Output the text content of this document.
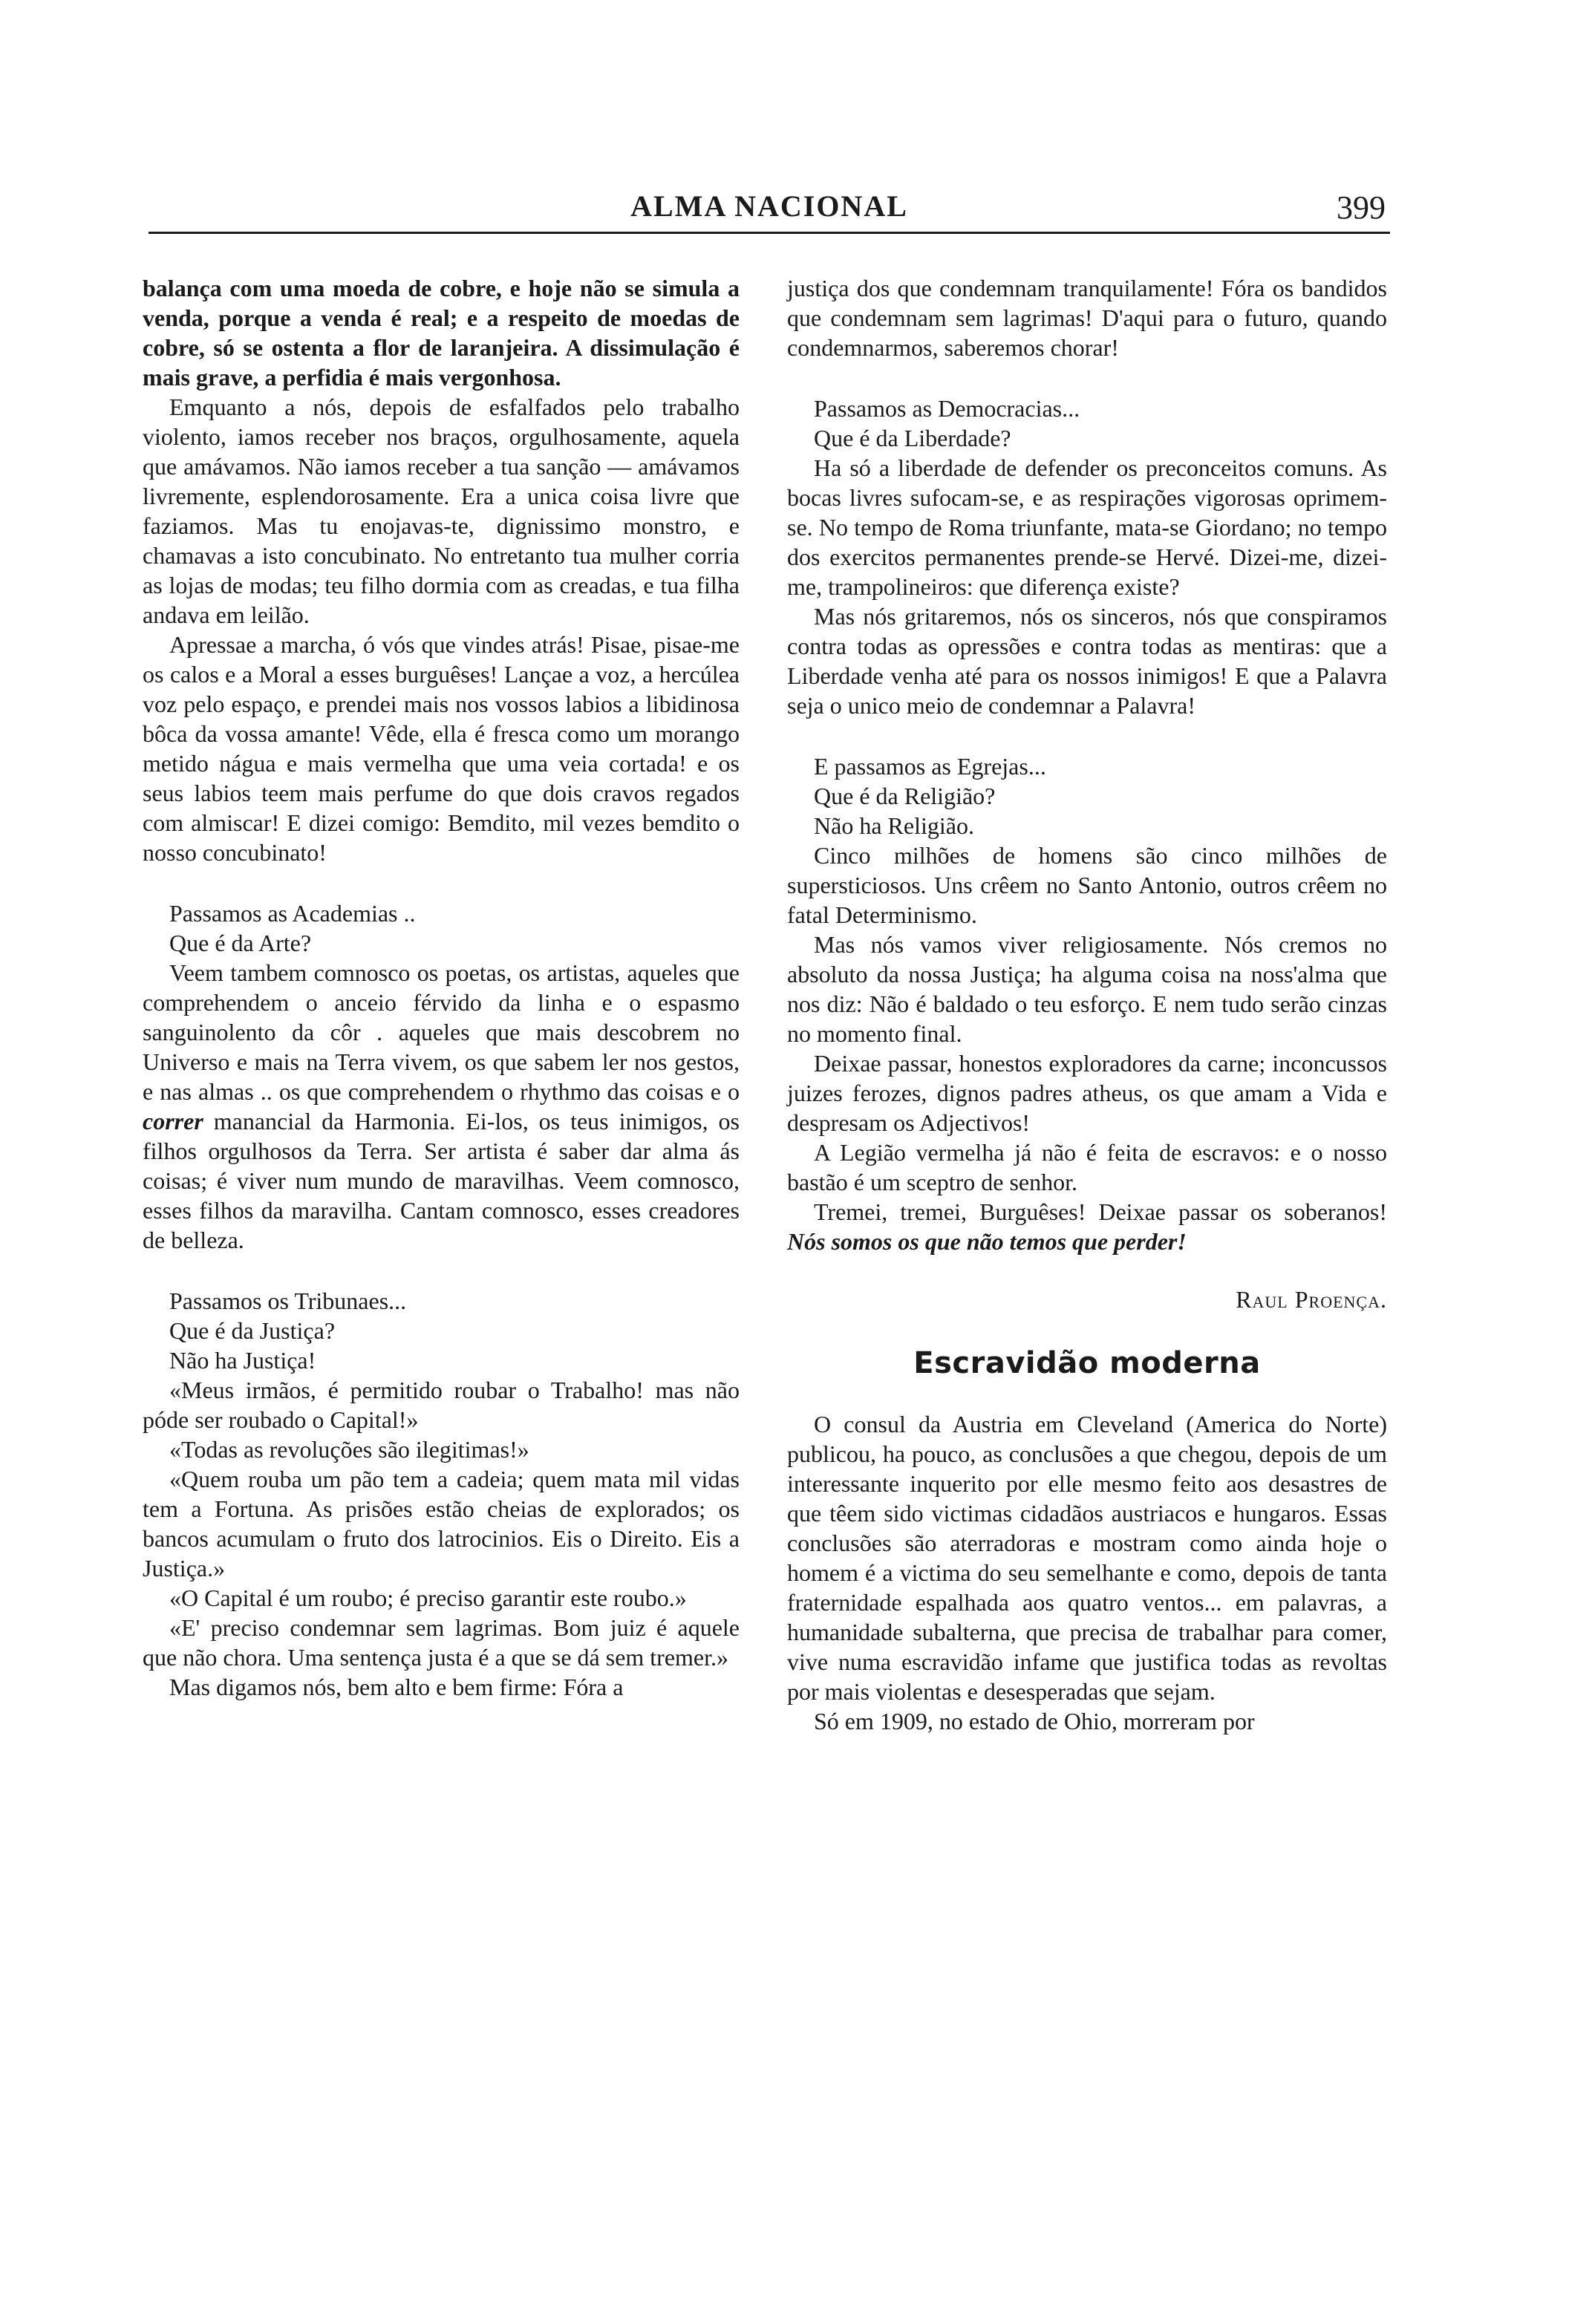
ALMA NACIONAL	399

balança com uma moeda de cobre, e hoje não se simula a venda, porque a venda é real; e a respeito de moedas de cobre, só se ostenta a flor de laranjeira. A dissimulação é mais grave, a perfidia é mais vergonhosa.

Emquanto a nós, depois de esfalfados pelo trabalho violento, iamos receber nos braços, orgulhosamente, aquela que amávamos. Não iamos receber a tua sanção — amávamos livremente, esplendorosamente. Era a unica coisa livre que faziamos. Mas tu enojavas-te, dignissimo monstro, e chamavas a isto concubinato. No entretanto tua mulher corria as lojas de modas; teu filho dormia com as creadas, e tua filha andava em leilão.

Apressae a marcha, ó vós que vindes atrás! Pisae, pisae-me os calos e a Moral a esses burguêses! Lançae a voz, a hercúlea voz pelo espaço, e prendei mais nos vossos labios a libidinosa bôca da vossa amante! Vêde, ella é fresca como um morango metido nágua e mais vermelha que uma veia cortada! e os seus labios teem mais perfume do que dois cravos regados com almiscar! E dizei comigo: Bemdito, mil vezes bemdito o nosso concubinato!

Passamos as Academias ..

Que é da Arte?

Veem tambem comnosco os poetas, os artistas, aqueles que comprehendem o anceio férvido da linha e o espasmo sanguinolento da côr . aqueles que mais descobrem no Universo e mais na Terra vivem, os que sabem ler nos gestos, e nas almas .. os que comprehendem o rhythmo das coisas e o correr manancial da Harmonia. Ei-los, os teus inimigos, os filhos orgulhosos da Terra. Ser artista é saber dar alma ás coisas; é viver num mundo de maravilhas. Veem comnosco, esses filhos da maravilha. Cantam comnosco, esses creadores de belleza.

Passamos os Tribunaes...

Que é da Justiça?

Não ha Justiça!

«Meus irmãos, é permitido roubar o Trabalho! mas não póde ser roubado o Capital!»

«Todas as revoluções são ilegitimas!»

«Quem rouba um pão tem a cadeia; quem mata mil vidas tem a Fortuna. As prisões estão cheias de explorados; os bancos acumulam o fruto dos latrocinios. Eis o Direito. Eis a Justiça.»

«O Capital é um roubo; é preciso garantir este roubo.»

«E' preciso condemnar sem lagrimas. Bom juiz é aquele que não chora. Uma sentença justa é a que se dá sem tremer.»

Mas digamos nós, bem alto e bem firme: Fóra a

justiça dos que condemnam tranquilamente! Fóra os bandidos que condemnam sem lagrimas! D'aqui para o futuro, quando condemnarmos, saberemos chorar!

Passamos as Democracias...

Que é da Liberdade?

Ha só a liberdade de defender os preconceitos comuns. As bocas livres sufocam-se, e as respirações vigorosas oprimem-se. No tempo de Roma triunfante, mata-se Giordano; no tempo dos exercitos permanentes prende-se Hervé. Dizei-me, dizei-me, trampolineiros: que diferença existe?

Mas nós gritaremos, nós os sinceros, nós que conspiramos contra todas as opressões e contra todas as mentiras: que a Liberdade venha até para os nossos inimigos! E que a Palavra seja o unico meio de condemnar a Palavra!

E passamos as Egrejas...

Que é da Religião?

Não ha Religião.

Cinco milhões de homens são cinco milhões de supersticiosos. Uns crêem no Santo Antonio, outros crêem no fatal Determinismo.

Mas nós vamos viver religiosamente. Nós cremos no absoluto da nossa Justiça; ha alguma coisa na noss'alma que nos diz: Não é baldado o teu esforço. E nem tudo serão cinzas no momento final.

Deixae passar, honestos exploradores da carne; inconcussos juizes ferozes, dignos padres atheus, os que amam a Vida e despresam os Adjectivos!

A Legião vermelha já não é feita de escravos: e o nosso bastão é um sceptro de senhor.

Tremei, tremei, Burguêses! Deixae passar os soberanos! Nós somos os que não temos que perder!

Raul Proença.
Escravidão moderna

O consul da Austria em Cleveland (America do Norte) publicou, ha pouco, as conclusões a que chegou, depois de um interessante inquerito por elle mesmo feito aos desastres de que têem sido victimas cidadãos austriacos e hungaros. Essas conclusões são aterradoras e mostram como ainda hoje o homem é a victima do seu semelhante e como, depois de tanta fraternidade espalhada aos quatro ventos... em palavras, a humanidade subalterna, que precisa de trabalhar para comer, vive numa escravidão infame que justifica todas as revoltas por mais violentas e desesperadas que sejam.

Só em 1909, no estado de Ohio, morreram por
